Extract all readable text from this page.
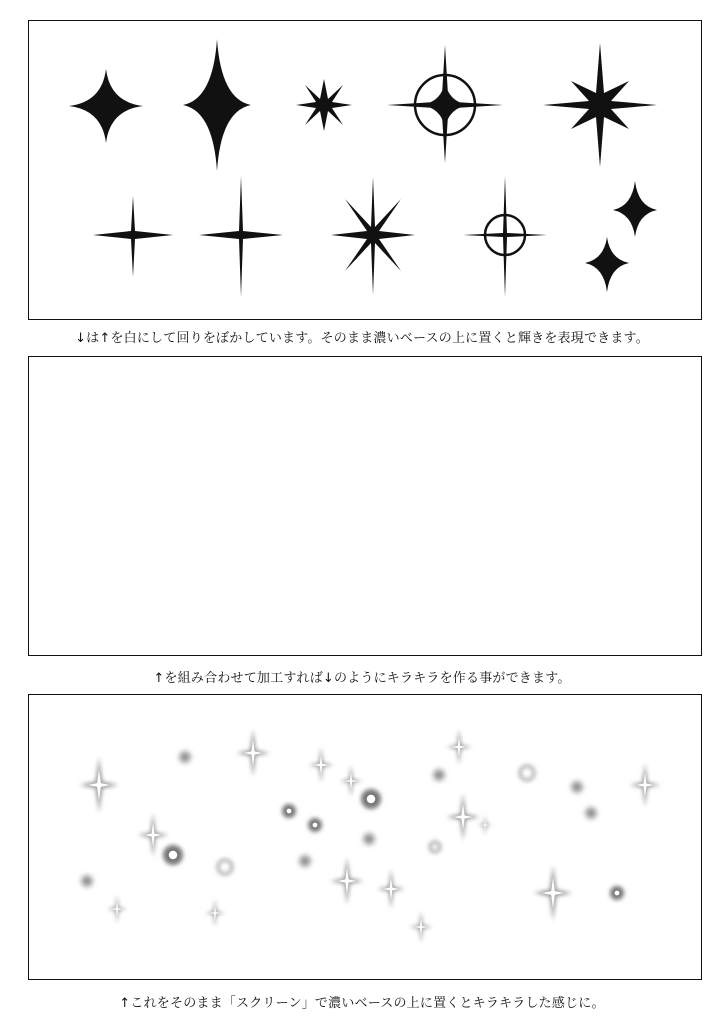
↓は↑を白にして回りをぼかしています。そのまま濃いベースの上に置くと輝きを表現できます。
↑を組み合わせて加工すれば↓のようにキラキラを作る事ができます。
↑これをそのまま「スクリーン」で濃いベースの上に置くとキラキラした感じに。
